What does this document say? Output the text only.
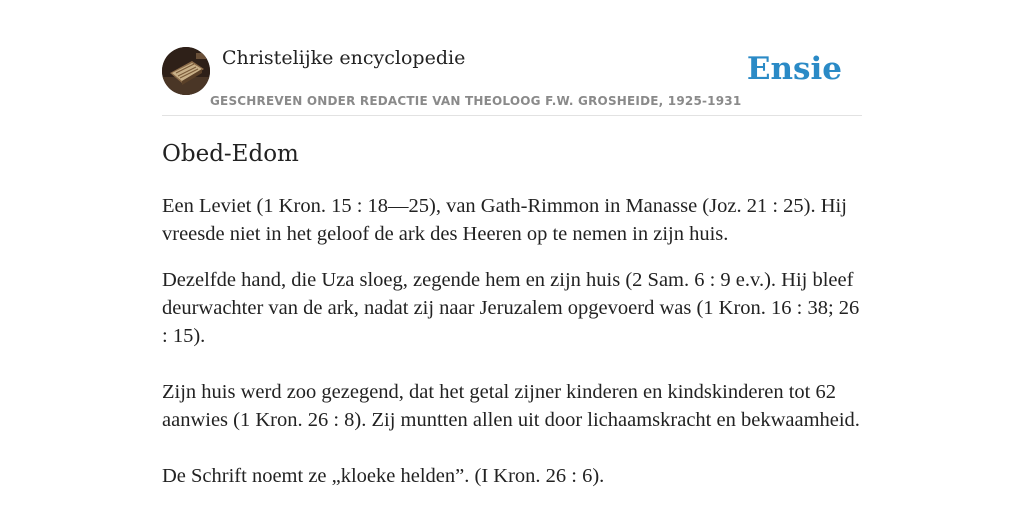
Christelijke encyclopedie
GESCHREVEN ONDER REDACTIE VAN THEOLOOG F.W. GROSHEIDE, 1925-1931
Ensie
Obed-Edom

Een Leviet (1 Kron. 15 : 18—25), van Gath-Rimmon in Manasse (Joz. 21 : 25). Hij vreesde niet in het geloof de ark des Heeren op te nemen in zijn huis.

Dezelfde hand, die Uza sloeg, zegende hem en zijn huis (2 Sam. 6 : 9 e.v.). Hij bleef deurwachter van de ark, nadat zij naar Jeruzalem opgevoerd was (1 Kron. 16 : 38; 26 : 15).

Zijn huis werd zoo gezegend, dat het getal zijner kinderen en kindskinderen tot 62 aanwies (1 Kron. 26 : 8). Zij muntten allen uit door lichaamskracht en bekwaamheid.

De Schrift noemt ze „kloeke helden”. (I Kron. 26 : 6).
